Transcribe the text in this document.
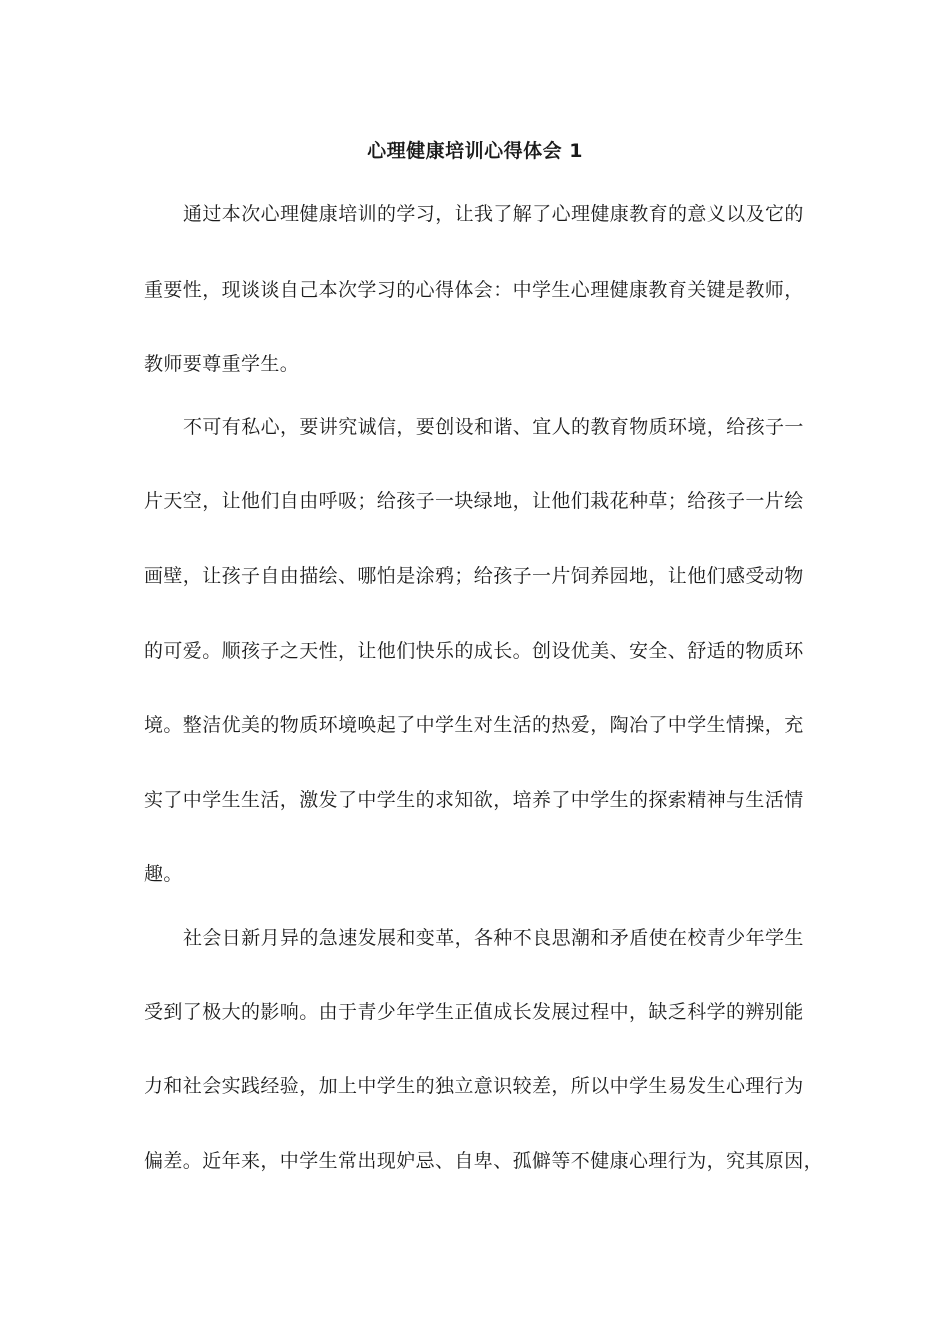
心理健康培训心得体会 1
通过本次心理健康培训的学习，让我了解了心理健康教育的意义以及它的
重要性，现谈谈自己本次学习的心得体会：中学生心理健康教育关键是教师，
教师要尊重学生。
不可有私心，要讲究诚信，要创设和谐、宜人的教育物质环境，给孩子一
片天空，让他们自由呼吸；给孩子一块绿地，让他们栽花种草；给孩子一片绘
画壁，让孩子自由描绘、哪怕是涂鸦；给孩子一片饲养园地，让他们感受动物
的可爱。顺孩子之天性，让他们快乐的成长。创设优美、安全、舒适的物质环
境。整洁优美的物质环境唤起了中学生对生活的热爱，陶冶了中学生情操，充
实了中学生生活，激发了中学生的求知欲，培养了中学生的探索精神与生活情
趣。
社会日新月异的急速发展和变革，各种不良思潮和矛盾使在校青少年学生
受到了极大的影响。由于青少年学生正值成长发展过程中，缺乏科学的辨别能
力和社会实践经验，加上中学生的独立意识较差，所以中学生易发生心理行为
偏差。近年来，中学生常出现妒忌、自卑、孤僻等不健康心理行为，究其原因，
